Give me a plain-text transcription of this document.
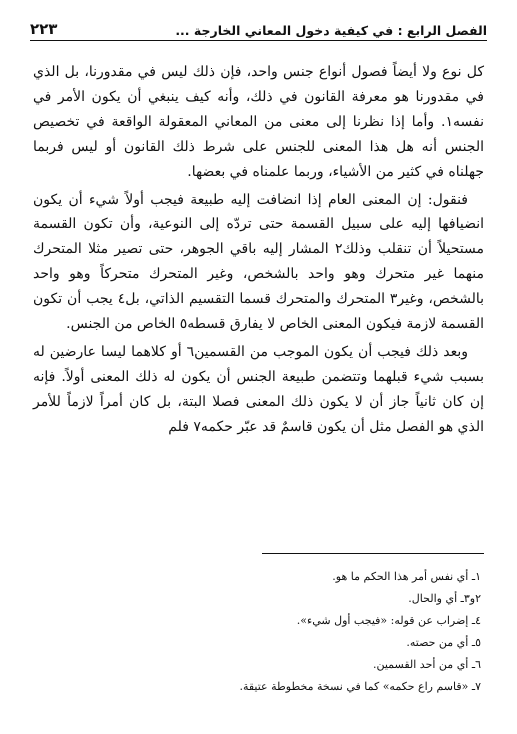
الفصل الرابع : في كيفية دخول المعاني الخارجة ...
٢٢٣

كل نوع ولا أيضاً فصول أنواع جنس واحد، فإن ذلك ليس في مقدورنا، بل الذي في مقدورنا هو معرفة القانون في ذلك، وأنه كيف ينبغي أن يكون الأمر في نفسه١. وأما إذا نظرنا إلى معنى من المعاني المعقولة الواقعة في تخصيص الجنس أنه هل هذا المعنى للجنس على شرط ذلك القانون أو ليس فربما جهلناه في كثير من الأشياء، وربما علمناه في بعضها.

فنقول: إن المعنى العام إذا انضافت إليه طبيعة فيجب أولاً شيء أن يكون انضيافها إليه على سبيل القسمة حتى تردّه إلى النوعية، وأن تكون القسمة مستحيلاً أن تنقلب وذلك٢ المشار إليه باقي الجوهر، حتى تصير مثلا المتحرك منهما غير متحرك وهو واحد بالشخص، وغير المتحرك متحركاً وهو واحد بالشخص، وغير٣ المتحرك والمتحرك قسما التقسيم الذاتي، بل٤ يجب أن تكون القسمة لازمة فيكون المعنى الخاص لا يفارق قسطه٥ الخاص من الجنس.

وبعد ذلك فيجب أن يكون الموجب من القسمين٦ أو كلاهما ليسا عارضين له بسبب شيء قبلهما وتتضمن طبيعة الجنس أن يكون له ذلك المعنى أولاً. فإنه إن كان ثانياً جاز أن لا يكون ذلك المعنى فصلا البتة، بل كان أمراً لازماً للأمر الذي هو الفصل مثل أن يكون قاسمٌ قد عبّر حكمه٧ فلم

١ـ أي نفس أمر هذا الحكم ما هو.
٢و٣ـ أي والحال.
٤ـ إضراب عن قوله: «فيجب أول شيء».
٥ـ أي من حصته.
٦ـ أي من أحد القسمين.
٧ـ «قاسم راع حكمه» كما في نسخة مخطوطة عتيقة.
